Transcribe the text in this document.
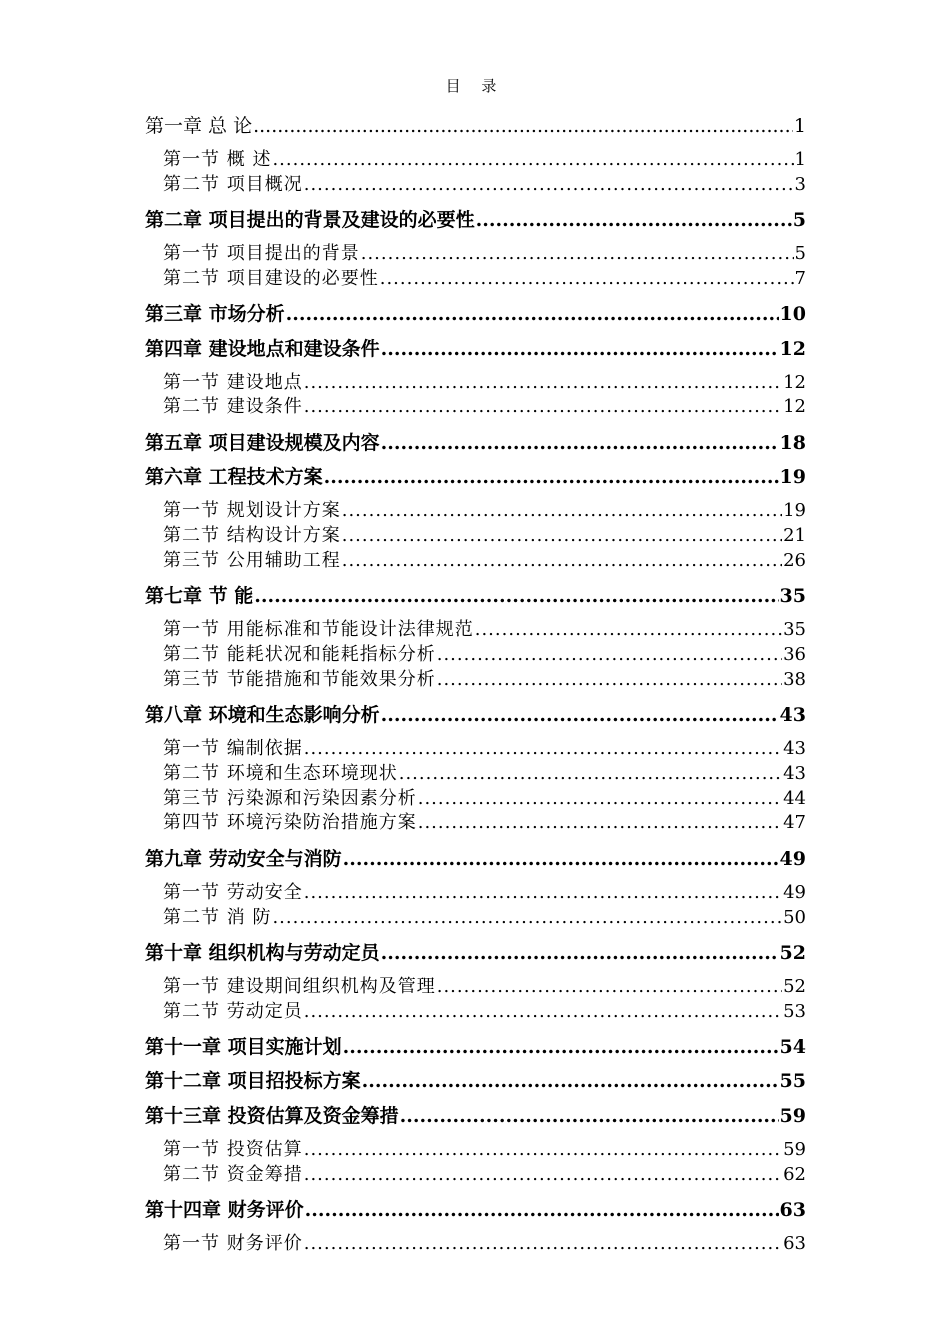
目 录
第一章 总 论 .....	1
第一节 概 述 .....	1
第二节 项目概况 .....	3
第二章 项目提出的背景及建设的必要性 .....	5
第一节 项目提出的背景 .....	5
第二节 项目建设的必要性 .....	7
第三章 市场分析 .....	10
第四章 建设地点和建设条件 .....	12
第一节 建设地点 .....	12
第二节 建设条件 .....	12
第五章 项目建设规模及内容 .....	18
第六章 工程技术方案 .....	19
第一节 规划设计方案 .....	19
第二节 结构设计方案 .....	21
第三节 公用辅助工程 .....	26
第七章 节 能 .....	35
第一节 用能标准和节能设计法律规范 .....	35
第二节 能耗状况和能耗指标分析 .....	36
第三节 节能措施和节能效果分析 .....	38
第八章 环境和生态影响分析 .....	43
第一节 编制依据 .....	43
第二节 环境和生态环境现状 .....	43
第三节 污染源和污染因素分析 .....	44
第四节 环境污染防治措施方案 .....	47
第九章 劳动安全与消防 .....	49
第一节 劳动安全 .....	49
第二节 消 防 .....	50
第十章 组织机构与劳动定员 .....	52
第一节 建设期间组织机构及管理 .....	52
第二节 劳动定员 .....	53
第十一章 项目实施计划 .....	54
第十二章 项目招投标方案 .....	55
第十三章 投资估算及资金筹措 .....	59
第一节 投资估算 .....	59
第二节 资金筹措 .....	62
第十四章 财务评价 .....	63
第一节 财务评价 .....	63
